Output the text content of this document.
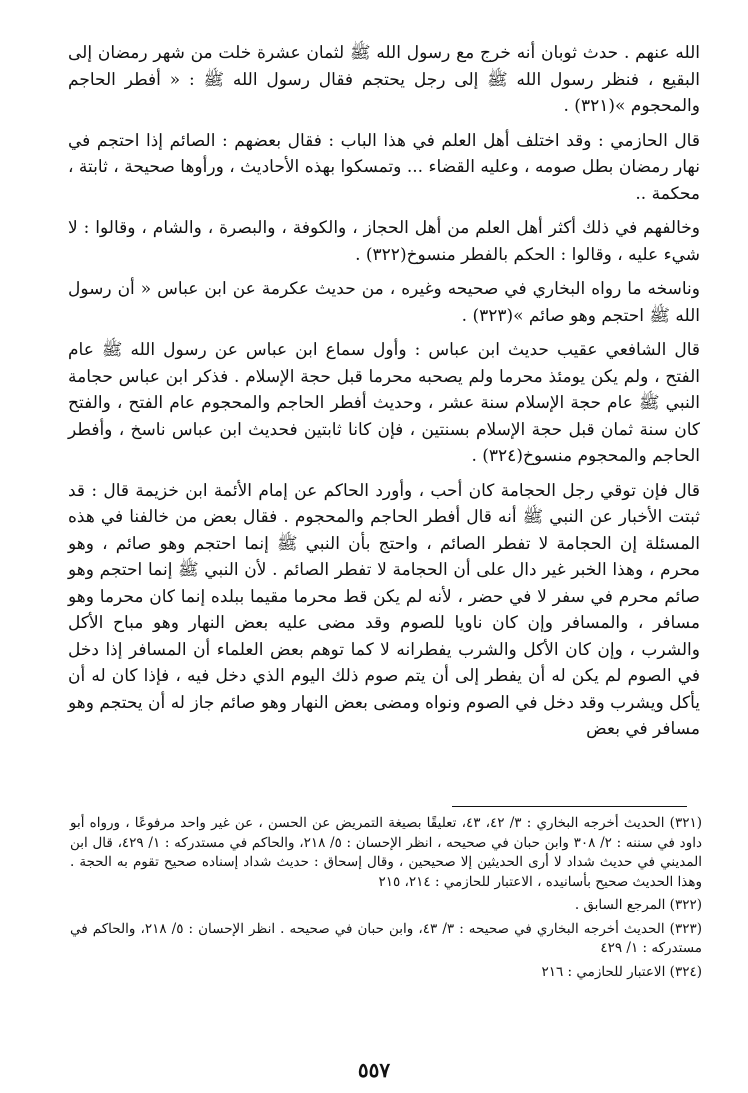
الله عنهم . حدث ثوبان أنه خرج مع رسول الله ﷺ لثمان عشرة خلت من شهر رمضان إلى البقيع ، فنظر رسول الله ﷺ إلى رجل يحتجم فقال رسول الله ﷺ : « أفطر الحاجم والمحجوم »(٣٢١) .

قال الحازمي : وقد اختلف أهل العلم في هذا الباب : فقال بعضهم : الصائم إذا احتجم في نهار رمضان بطل صومه ، وعليه القضاء ... وتمسكوا بهذه الأحاديث ، ورأوها صحيحة ، ثابتة ، محكمة ..

وخالفهم في ذلك أكثر أهل العلم من أهل الحجاز ، والكوفة ، والبصرة ، والشام ، وقالوا : لا شيء عليه ، وقالوا : الحكم بالفطر منسوخ(٣٢٢) .

وناسخه ما رواه البخاري في صحيحه وغيره ، من حديث عكرمة عن ابن عباس « أن رسول الله ﷺ احتجم وهو صائم »(٣٢٣) .

قال الشافعي عقيب حديث ابن عباس : وأول سماع ابن عباس عن رسول الله ﷺ عام الفتح ، ولم يكن يومئذ محرما ولم يصحبه محرما قبل حجة الإسلام . فذكر ابن عباس حجامة النبي ﷺ عام حجة الإسلام سنة عشر ، وحديث أفطر الحاجم والمحجوم عام الفتح ، والفتح كان سنة ثمان قبل حجة الإسلام بسنتين ، فإن كانا ثابتين فحديث ابن عباس ناسخ ، وأفطر الحاجم والمحجوم منسوخ(٣٢٤) .

قال فإن توقي رجل الحجامة كان أحب ، وأورد الحاكم عن إمام الأئمة ابن خزيمة قال : قد ثبتت الأخبار عن النبي ﷺ أنه قال أفطر الحاجم والمحجوم . فقال بعض من خالفنا في هذه المسئلة إن الحجامة لا تفطر الصائم ، واحتج بأن النبي ﷺ إنما احتجم وهو صائم ، وهو محرم ، وهذا الخبر غير دال على أن الحجامة لا تفطر الصائم . لأن النبي ﷺ إنما احتجم وهو صائم محرم في سفر لا في حضر ، لأنه لم يكن قط محرما مقيما ببلده إنما كان محرما وهو مسافر ، والمسافر وإن كان ناويا للصوم وقد مضى عليه بعض النهار وهو مباح الأكل والشرب ، وإن كان الأكل والشرب يفطرانه لا كما توهم بعض العلماء أن المسافر إذا دخل في الصوم لم يكن له أن يفطر إلى أن يتم صوم ذلك اليوم الذي دخل فيه ، فإذا كان له أن يأكل ويشرب وقد دخل في الصوم ونواه ومضى بعض النهار وهو صائم جاز له أن يحتجم وهو مسافر في بعض

(٣٢١) الحديث أخرجه البخاري : ٣/ ٤٢، ٤٣، تعليقًا بصيغة التمريض عن الحسن ، عن غير واحد مرفوعًا ، ورواه أبو داود في سننه : ٢/ ٣٠٨ وابن حبان في صحيحه ، انظر الإحسان : ٥/ ٢١٨، والحاكم في مستدركه : ١/ ٤٢٩، قال ابن المديني في حديث شداد لا أرى الحديثين إلا صحيحين ، وقال إسحاق : حديث شداد إسناده صحيح تقوم به الحجة . وهذا الحديث صحيح بأسانيده ، الاعتبار للحازمي : ٢١٤، ٢١٥

(٣٢٢) المرجع السابق .

(٣٢٣) الحديث أخرجه البخاري في صحيحه : ٣/ ٤٣، وابن حبان في صحيحه . انظر الإحسان : ٥/ ٢١٨، والحاكم في مستدركه : ١/ ٤٢٩

(٣٢٤) الاعتبار للحازمي : ٢١٦

٥٥٧
